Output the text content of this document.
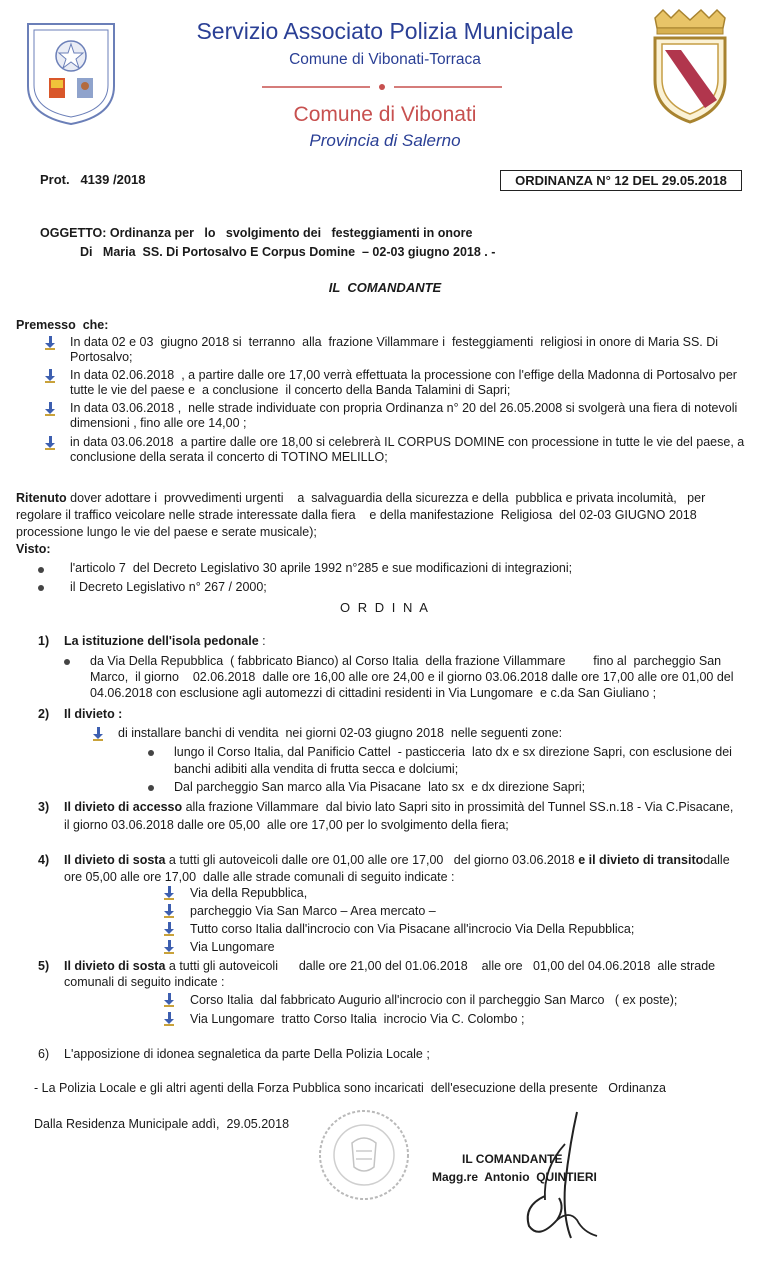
Servizio Associato Polizia Municipale
Comune di Vibonati-Torraca
Comune di Vibonati
Provincia di Salerno
Prot.   4139 /2018	ORDINANZA N° 12 DEL 29.05.2018
OGGETTO: Ordinanza per   lo   svolgimento dei   festeggiamenti in onore
Di   Maria  SS. Di Portosalvo E Corpus Domine  – 02-03 giugno 2018 . -
IL  COMANDANTE
Premesso  che:
In data 02 e 03  giugno 2018 si  terranno  alla  frazione Villammare i  festeggiamenti  religiosi in onore di Maria SS. Di
Portosalvo;
In data 02.06.2018  , a partire dalle ore 17,00 verrà effettuata la processione con l'effige della Madonna di Portosalvo per
tutte le vie del paese e  a conclusione  il concerto della Banda Talamini di Sapri;
In data 03.06.2018 ,  nelle strade individuate con propria Ordinanza n° 20 del 26.05.2008 si svolgerà una fiera di notevoli
dimensioni , fino alle ore 14,00 ;
in data 03.06.2018  a partire dalle ore 18,00 si celebrerà IL CORPUS DOMINE con processione in tutte le vie del paese, a
conclusione della serata il concerto di TOTINO MELILLO;
Ritenuto dover adottare i  provvedimenti urgenti    a  salvaguardia della sicurezza e della  pubblica e privata incolumità,   per
regolare il traffico veicolare nelle strade interessate dalla fiera    e della manifestazione  Religiosa  del 02-03 GIUGNO 2018
processione lungo le vie del paese e serate musicale);
Visto:
l'articolo 7  del Decreto Legislativo 30 aprile 1992 n°285 e sue modificazioni di integrazioni;
il Decreto Legislativo n° 267 / 2000;
O R D I N A
1) La istituzione dell'isola pedonale :
da Via Della Repubblica  ( fabbricato Bianco) al Corso Italia  della frazione Villammare        fino al  parcheggio San
Marco,  il giorno    02.06.2018  dalle ore 16,00 alle ore 24,00 e il giorno 03.06.2018 dalle ore 17,00 alle ore 01,00 del
04.06.2018 con esclusione agli automezzi di cittadini residenti in Via Lungomare  e c.da San Giuliano ;
2) Il divieto :
di installare banchi di vendita  nei giorni 02-03 giugno 2018  nelle seguenti zone:
lungo il Corso Italia, dal Panificio Cattel  - pasticceria  lato dx e sx direzione Sapri, con esclusione dei
banchi adibiti alla vendita di frutta secca e dolciumi;
Dal parcheggio San marco alla Via Pisacane  lato sx  e dx direzione Sapri;
3) Il divieto di accesso alla frazione Villammare  dal bivio lato Sapri sito in prossimità del Tunnel SS.n.18 - Via C.Pisacane,
il giorno 03.06.2018 dalle ore 05,00  alle ore 17,00 per lo svolgimento della fiera;
4) Il divieto di sosta a tutti gli autoveicoli dalle ore 01,00 alle ore 17,00   del giorno 03.06.2018 e il divieto di transitodalle
ore 05,00 alle ore 17,00  dalle alle strade comunali di seguito indicate :
Via della Repubblica,
parcheggio Via San Marco – Area mercato –
Tutto corso Italia dall'incrocio con Via Pisacane all'incrocio Via Della Repubblica;
Via Lungomare
5) Il divieto di sosta a tutti gli autoveicoli      dalle ore 21,00 del 01.06.2018    alle ore   01,00 del 04.06.2018  alle strade
comunali di seguito indicate :
Corso Italia  dal fabbricato Augurio all'incrocio con il parcheggio San Marco   ( ex poste);
Via Lungomare  tratto Corso Italia  incrocio Via C. Colombo ;
6) L'apposizione di idonea segnaletica da parte Della Polizia Locale ;
- La Polizia Locale e gli altri agenti della Forza Pubblica sono incaricati  dell'esecuzione della presente   Ordinanza
Dalla Residenza Municipale addì,  29.05.2018
IL COMANDANTE
Magg.re  Antonio  QUINTIERI
